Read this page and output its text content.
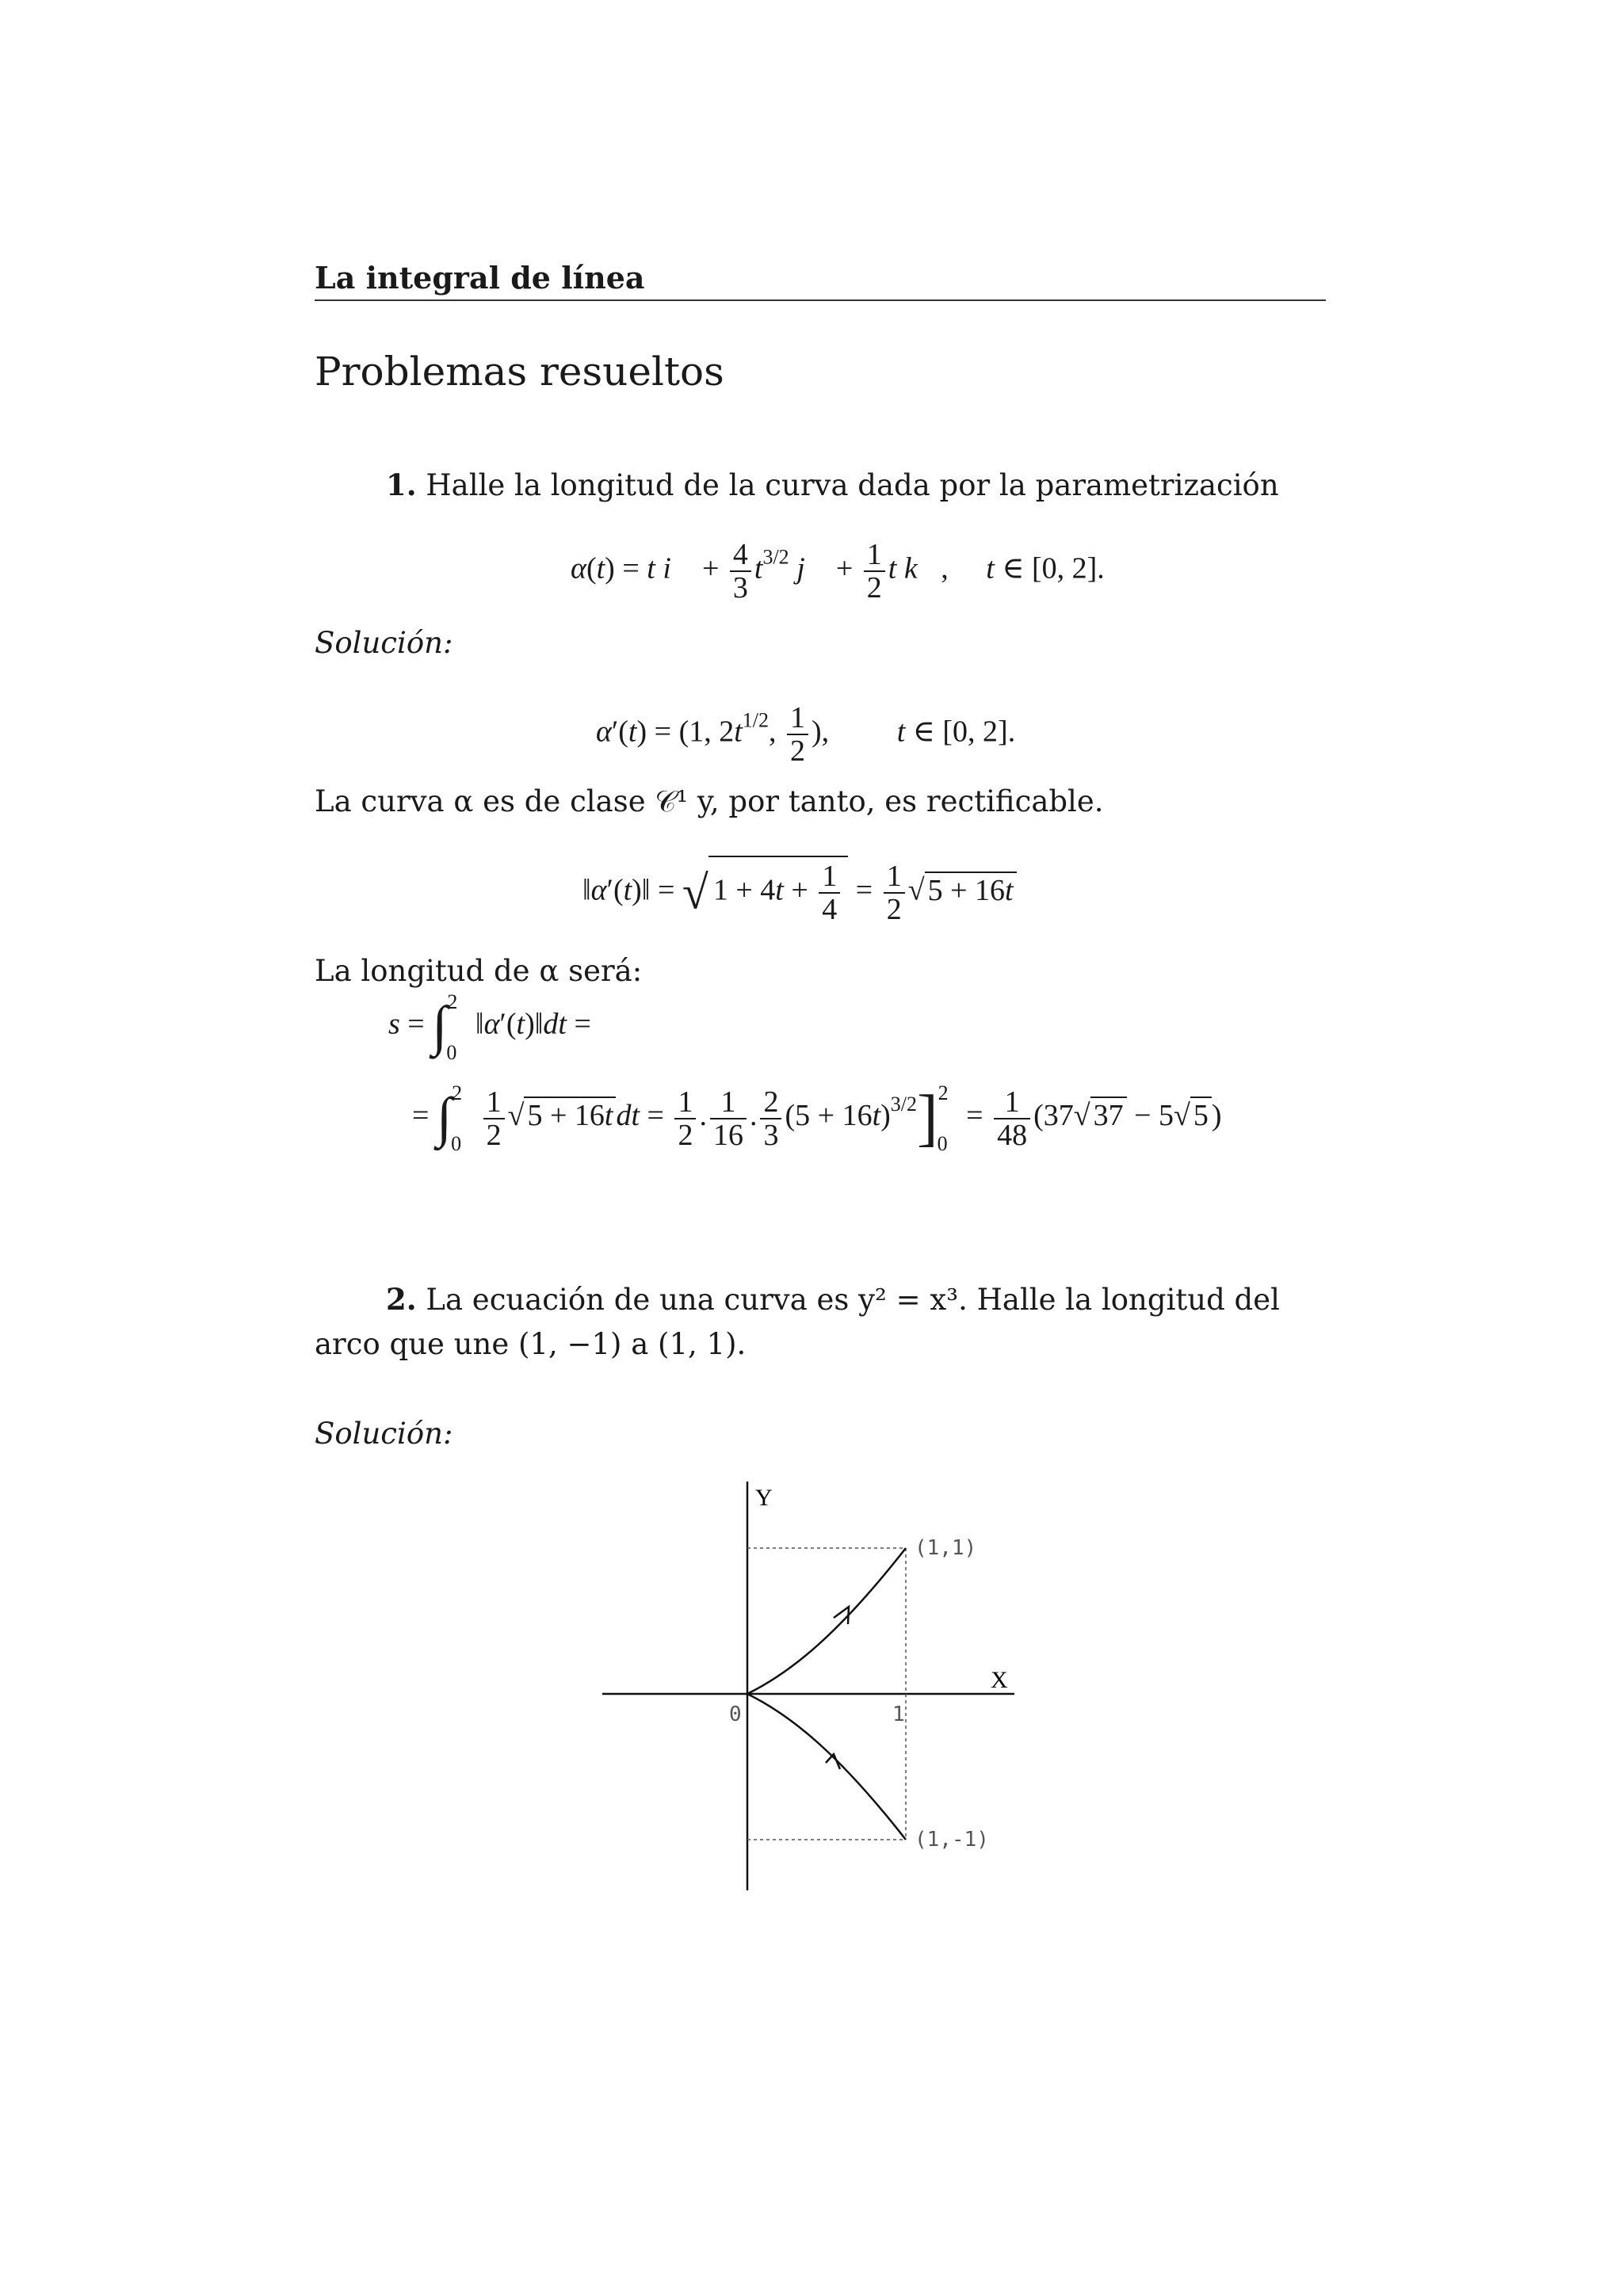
La integral de línea
Problemas resueltos
1. Halle la longitud de la curva dada por la parametrización
α(t) = t i⃗ + $\frac{4}{3} t^{3/2}$ j⃗ + $\frac{1}{2}$ t k⃗,     t ∈ [0, 2].
Solución:
α′(t) = (1, $2t^{1/2}$, $\frac{1}{2}$ ),         t ∈ [0, 2].
La curva α es de clase 𝒞¹ y, por tanto, es rectificable.
‖α′(t)‖ = √ $1 + 4t + \frac{1}{4} = \frac{1}{2}$ √ 5 + 16t
La longitud de α será:
s = ∫$^2_0$ ‖α′(t)‖dt =
= $\int^2_0 \frac{1}{2}$ √ 5 + 16t dt = $\frac{1}{2}$ . $\frac{1}{16}$ . $\frac{2}{3} (5 + 16t)^{3/2}]^2_0 = \frac{1}{48} (37√$ 37 − 5√ 5 )
2. La ecuación de una curva es y² = x³. Halle la longitud del arco que une (1, −1) a (1, 1).
Solución:
Y
X
0	1
(1,1)
(1,-1)
